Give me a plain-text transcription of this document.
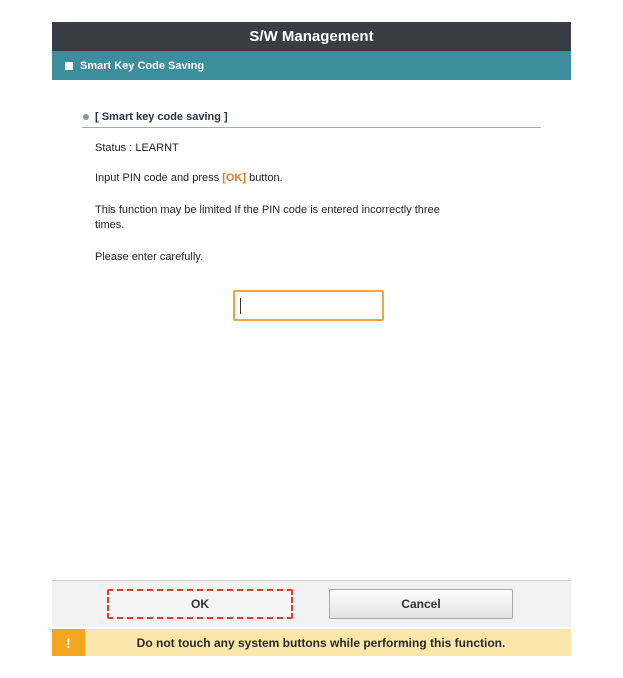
S/W Management
Smart Key Code Saving
[ Smart key code saving ]
Status : LEARNT
Input PIN code and press [OK] button.
This function may be limited If the PIN code is entered incorrectly three
times.
Please enter carefully.
OK	Cancel
!	Do not touch any system buttons while performing this function.
